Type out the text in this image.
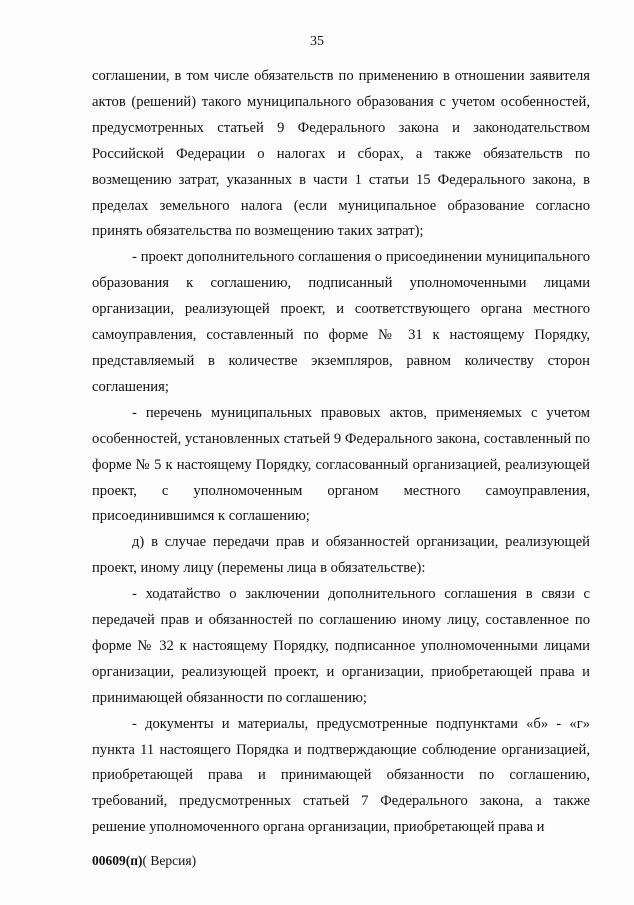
35

соглашении, в том числе обязательств по применению в отношении заявителя актов (решений) такого муниципального образования с учетом особенностей, предусмотренных статьей 9 Федерального закона и законодательством Российской Федерации о налогах и сборах, а также обязательств по возмещению затрат, указанных в части 1 статьи 15 Федерального закона, в пределах земельного налога (если муниципальное образование согласно принять обязательства по возмещению таких затрат);

- проект дополнительного соглашения о присоединении муниципального образования к соглашению, подписанный уполномоченными лицами организации, реализующей проект, и соответствующего органа местного самоуправления, составленный по форме № 31 к настоящему Порядку, представляемый в количестве экземпляров, равном количеству сторон соглашения;

- перечень муниципальных правовых актов, применяемых с учетом особенностей, установленных статьей 9 Федерального закона, составленный по форме № 5 к настоящему Порядку, согласованный организацией, реализующей проект, с уполномоченным органом местного самоуправления, присоединившимся к соглашению;

д) в случае передачи прав и обязанностей организации, реализующей проект, иному лицу (перемены лица в обязательстве):

- ходатайство о заключении дополнительного соглашения в связи с передачей прав и обязанностей по соглашению иному лицу, составленное по форме № 32 к настоящему Порядку, подписанное уполномоченными лицами организации, реализующей проект, и организации, приобретающей права и принимающей обязанности по соглашению;

- документы и материалы, предусмотренные подпунктами «б» - «г» пункта 11 настоящего Порядка и подтверждающие соблюдение организацией, приобретающей права и принимающей обязанности по соглашению, требований, предусмотренных статьей 7 Федерального закона, а также решение уполномоченного органа организации, приобретающей права и

00609(п)( Версия)
